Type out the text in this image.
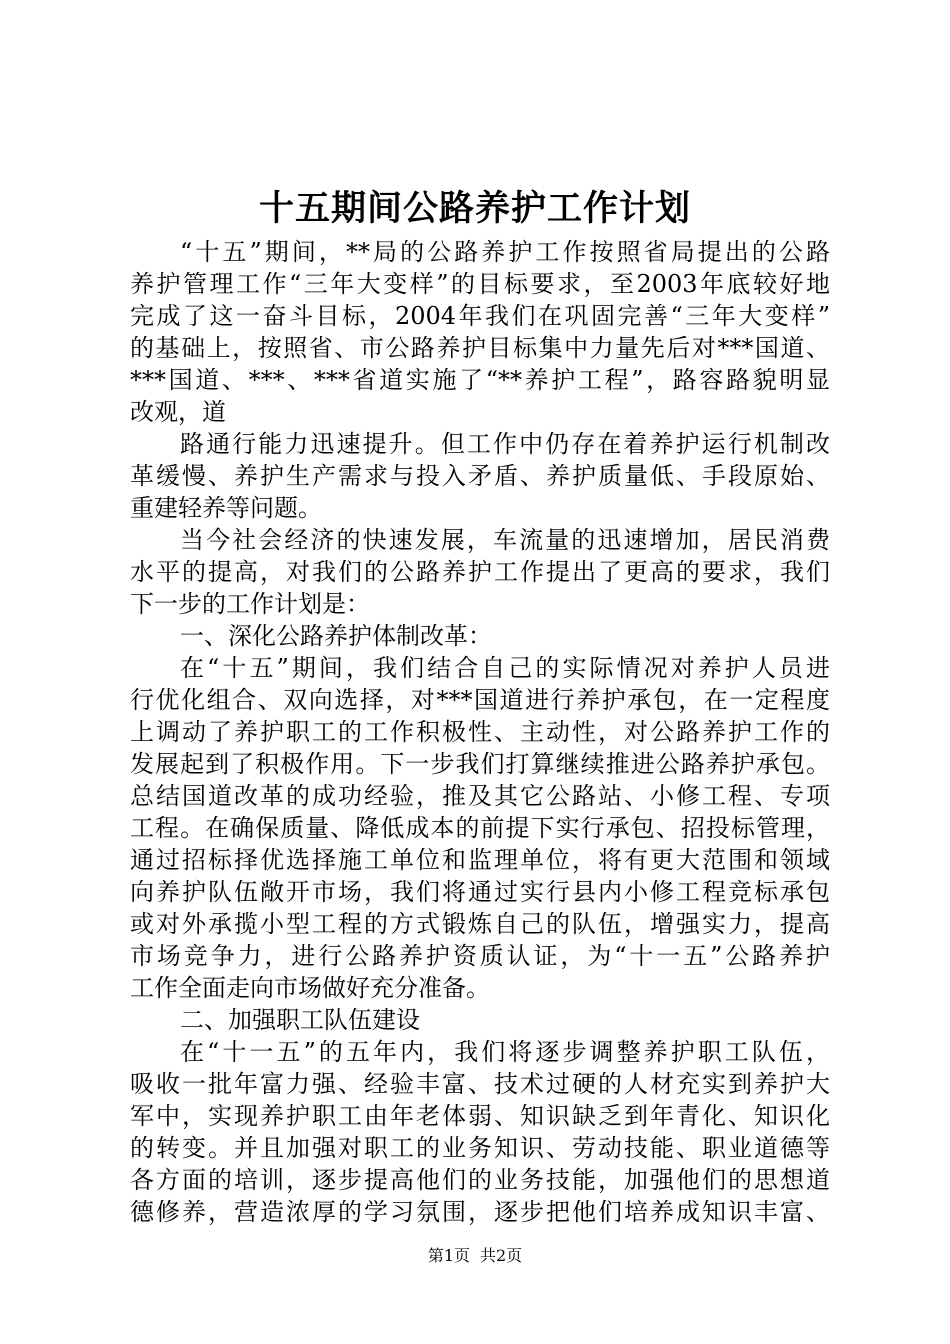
十五期间公路养护工作计划
“十五”期间，**局的公路养护工作按照省局提出的公路
养护管理工作“三年大变样”的目标要求，至2003年底较好地
完成了这一奋斗目标，2004年我们在巩固完善“三年大变样”
的基础上，按照省、市公路养护目标集中力量先后对***国道、
***国道、***、***省道实施了“**养护工程”，路容路貌明显
改观，道
路通行能力迅速提升。但工作中仍存在着养护运行机制改
革缓慢、养护生产需求与投入矛盾、养护质量低、手段原始、
重建轻养等问题。
当今社会经济的快速发展，车流量的迅速增加，居民消费
水平的提高，对我们的公路养护工作提出了更高的要求，我们
下一步的工作计划是：
一、深化公路养护体制改革：
在“十五”期间，我们结合自己的实际情况对养护人员进
行优化组合、双向选择，对***国道进行养护承包，在一定程度
上调动了养护职工的工作积极性、主动性，对公路养护工作的
发展起到了积极作用。下一步我们打算继续推进公路养护承包。
总结国道改革的成功经验，推及其它公路站、小修工程、专项
工程。在确保质量、降低成本的前提下实行承包、招投标管理，
通过招标择优选择施工单位和监理单位，将有更大范围和领域
向养护队伍敞开市场，我们将通过实行县内小修工程竞标承包
或对外承揽小型工程的方式锻炼自己的队伍，增强实力，提高
市场竞争力，进行公路养护资质认证，为“十一五”公路养护
工作全面走向市场做好充分准备。
二、加强职工队伍建设
在“十一五”的五年内，我们将逐步调整养护职工队伍，
吸收一批年富力强、经验丰富、技术过硬的人材充实到养护大
军中，实现养护职工由年老体弱、知识缺乏到年青化、知识化
的转变。并且加强对职工的业务知识、劳动技能、职业道德等
各方面的培训，逐步提高他们的业务技能，加强他们的思想道
德修养，营造浓厚的学习氛围，逐步把他们培养成知识丰富、
第1页 共2页
